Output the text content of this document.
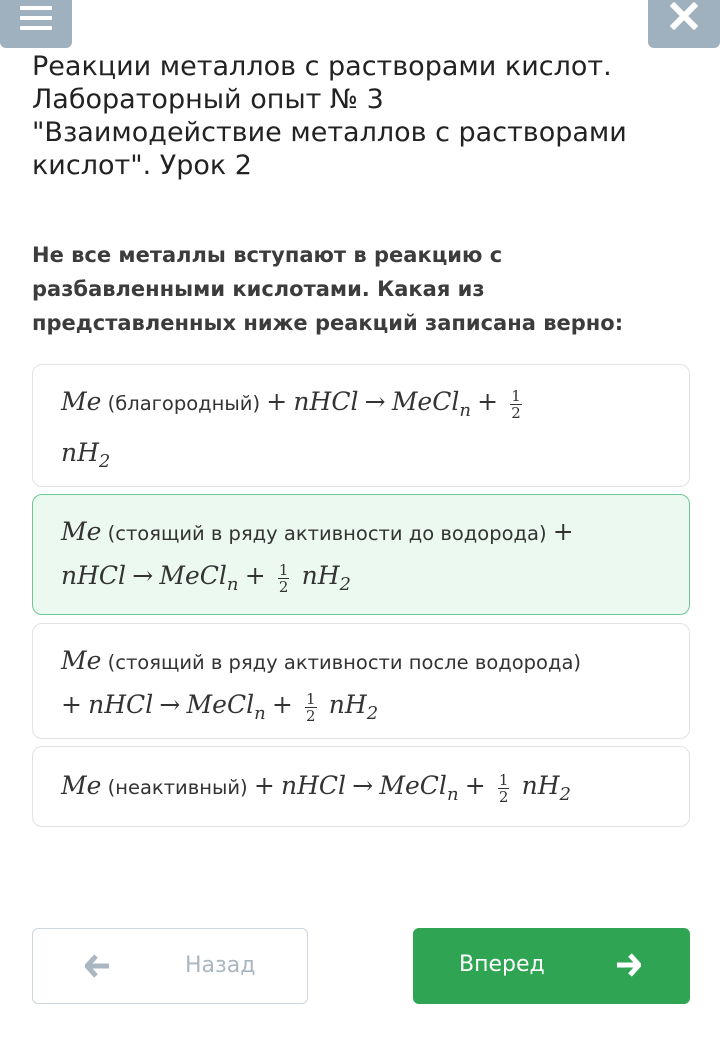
Реакции металлов с растворами кислот.
Лабораторный опыт № 3
"Взаимодействие металлов с растворами
кислот". Урок 2

Не все металлы вступают в реакцию с
разбавленными кислотами. Какая из
представленных ниже реакций записана верно:

Me (благородный) + nHCl → MeCl$_n$ + $\frac{1}{2}$

$nH_2$
Me (стоящий в ряду активности до водорода) +
nHCl → MeCl$_n$ + $\frac{1}{2} nH_2$
Me (стоящий в ряду активности после водорода)
+ nHCl → MeCl$_n$ + $\frac{1}{2} nH_2$
Me (неактивный) + nHCl → MeCl$_n$ + $\frac{1}{2} nH_2$
Назад	Вперед
